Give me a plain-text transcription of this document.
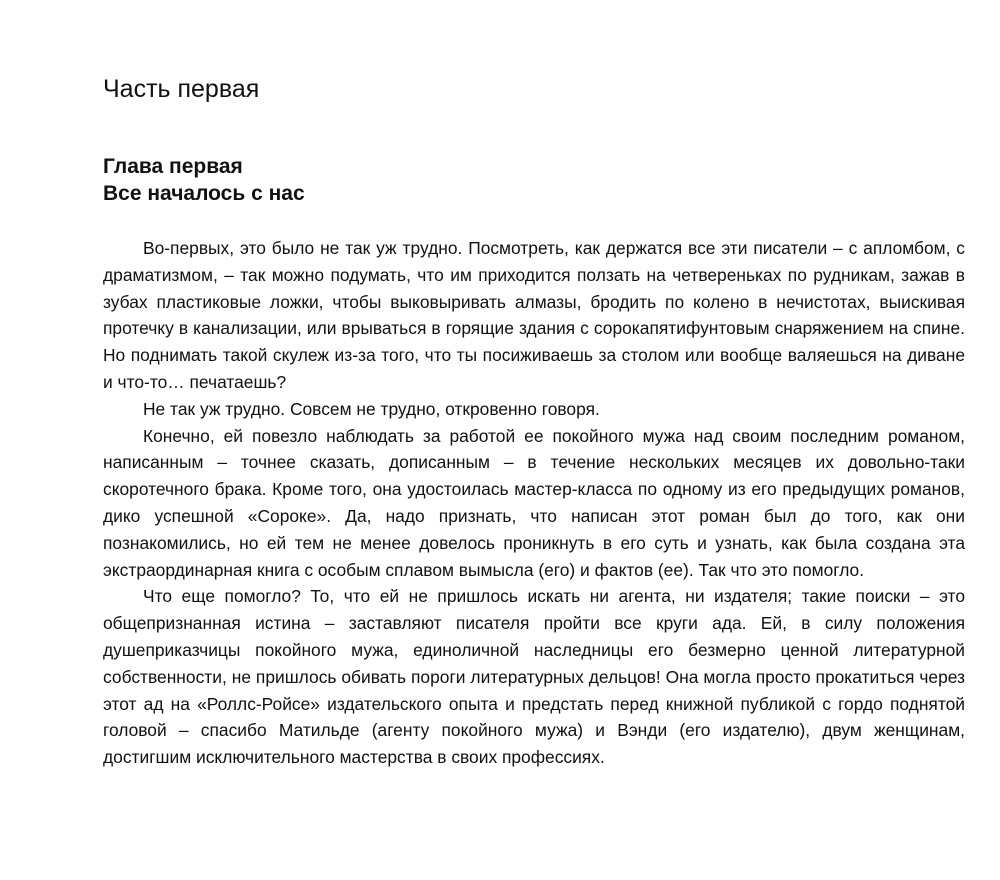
Часть первая
Глава первая
Все началось с нас

Во-первых, это было не так уж трудно. Посмотреть, как держатся все эти писатели – с апломбом, с драматизмом, – так можно подумать, что им приходится ползать на четвереньках по рудникам, зажав в зубах пластиковые ложки, чтобы выковыривать алмазы, бродить по колено в нечистотах, выискивая протечку в канализации, или врываться в горящие здания с сорокапятифунтовым снаряжением на спине. Но поднимать такой скулеж из-за того, что ты посиживаешь за столом или вообще валяешься на диване и что-то… печатаешь?

Не так уж трудно. Совсем не трудно, откровенно говоря.

Конечно, ей повезло наблюдать за работой ее покойного мужа над своим последним романом, написанным – точнее сказать, дописанным – в течение нескольких месяцев их довольно-таки скоротечного брака. Кроме того, она удостоилась мастер-класса по одному из его предыдущих романов, дико успешной «Сороке». Да, надо признать, что написан этот роман был до того, как они познакомились, но ей тем не менее довелось проникнуть в его суть и узнать, как была создана эта экстраординарная книга с особым сплавом вымысла (его) и фактов (ее). Так что это помогло.

Что еще помогло? То, что ей не пришлось искать ни агента, ни издателя; такие поиски – это общепризнанная истина – заставляют писателя пройти все круги ада. Ей, в силу положения душеприказчицы покойного мужа, единоличной наследницы его безмерно ценной литературной собственности, не пришлось обивать пороги литературных дельцов! Она могла просто прокатиться через этот ад на «Роллс-Ройсе» издательского опыта и предстать перед книжной публикой с гордо поднятой головой – спасибо Матильде (агенту покойного мужа) и Вэнди (его издателю), двум женщинам, достигшим исключительного мастерства в своих профессиях.
